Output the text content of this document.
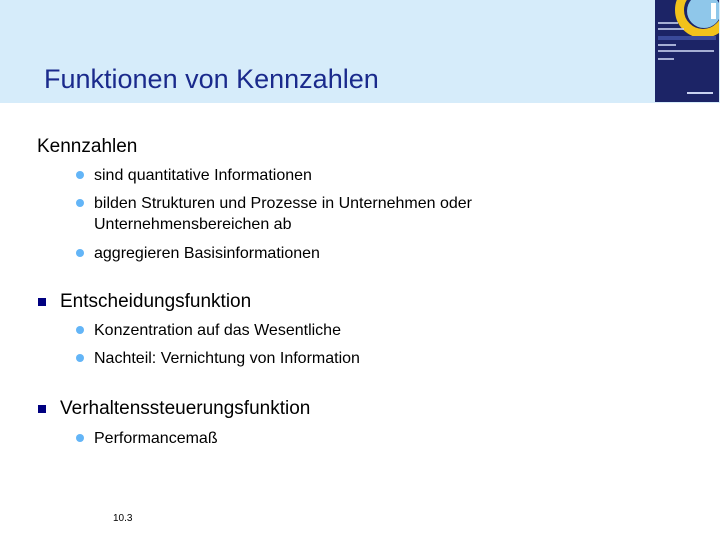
Funktionen von Kennzahlen
Kennzahlen
sind quantitative Informationen
bilden Strukturen und Prozesse in Unternehmen oder Unternehmensbereichen ab
aggregieren Basisinformationen
Entscheidungsfunktion
Konzentration auf das Wesentliche
Nachteil: Vernichtung von Information
Verhaltenssteuerungsfunktion
Performancemaß
10.3
